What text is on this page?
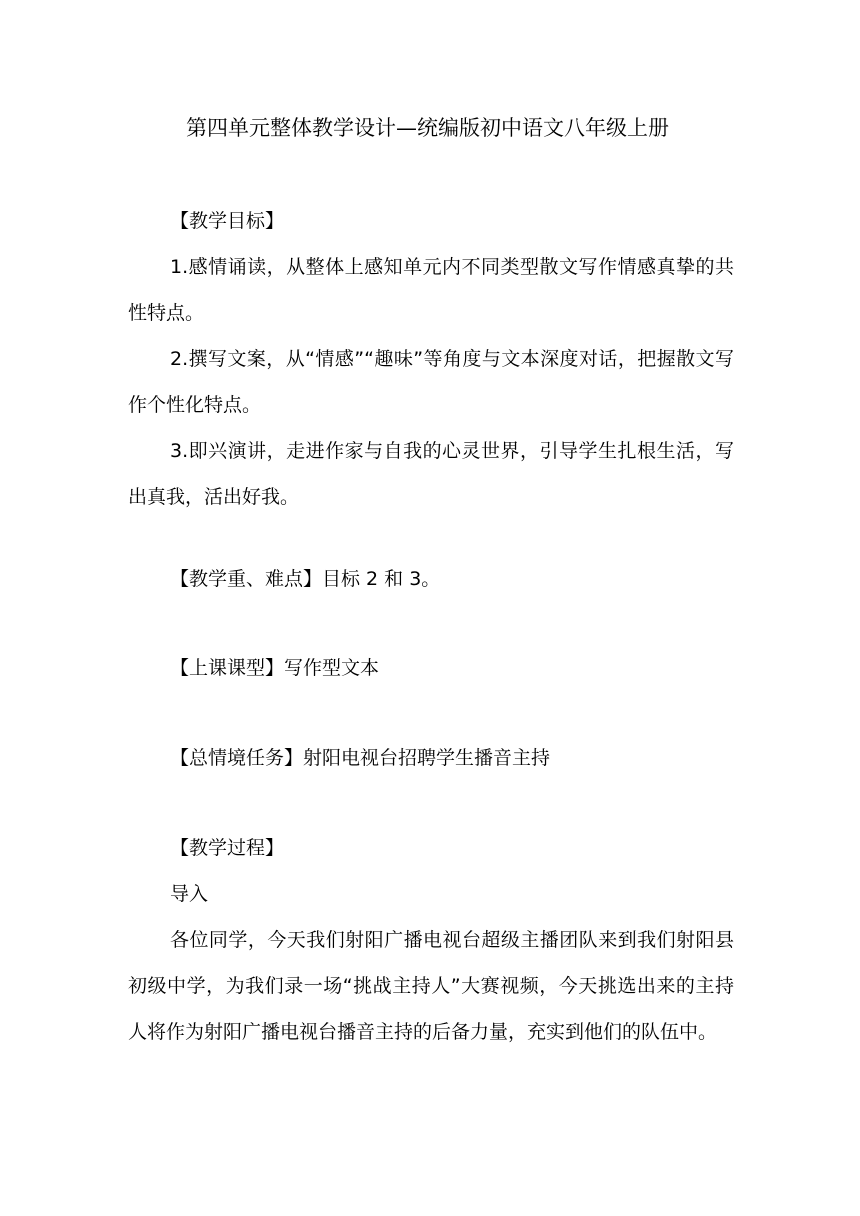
第四单元整体教学设计—统编版初中语文八年级上册

【教学目标】

1.感情诵读，从整体上感知单元内不同类型散文写作情感真挚的共性特点。

2.撰写文案，从“情感”“趣味”等角度与文本深度对话，把握散文写作个性化特点。

3.即兴演讲，走进作家与自我的心灵世界，引导学生扎根生活，写出真我，活出好我。

【教学重、难点】目标 2 和 3。

【上课课型】写作型文本

【总情境任务】射阳电视台招聘学生播音主持

【教学过程】

导入

各位同学，今天我们射阳广播电视台超级主播团队来到我们射阳县初级中学，为我们录一场“挑战主持人”大赛视频，今天挑选出来的主持人将作为射阳广播电视台播音主持的后备力量，充实到他们的队伍中。
